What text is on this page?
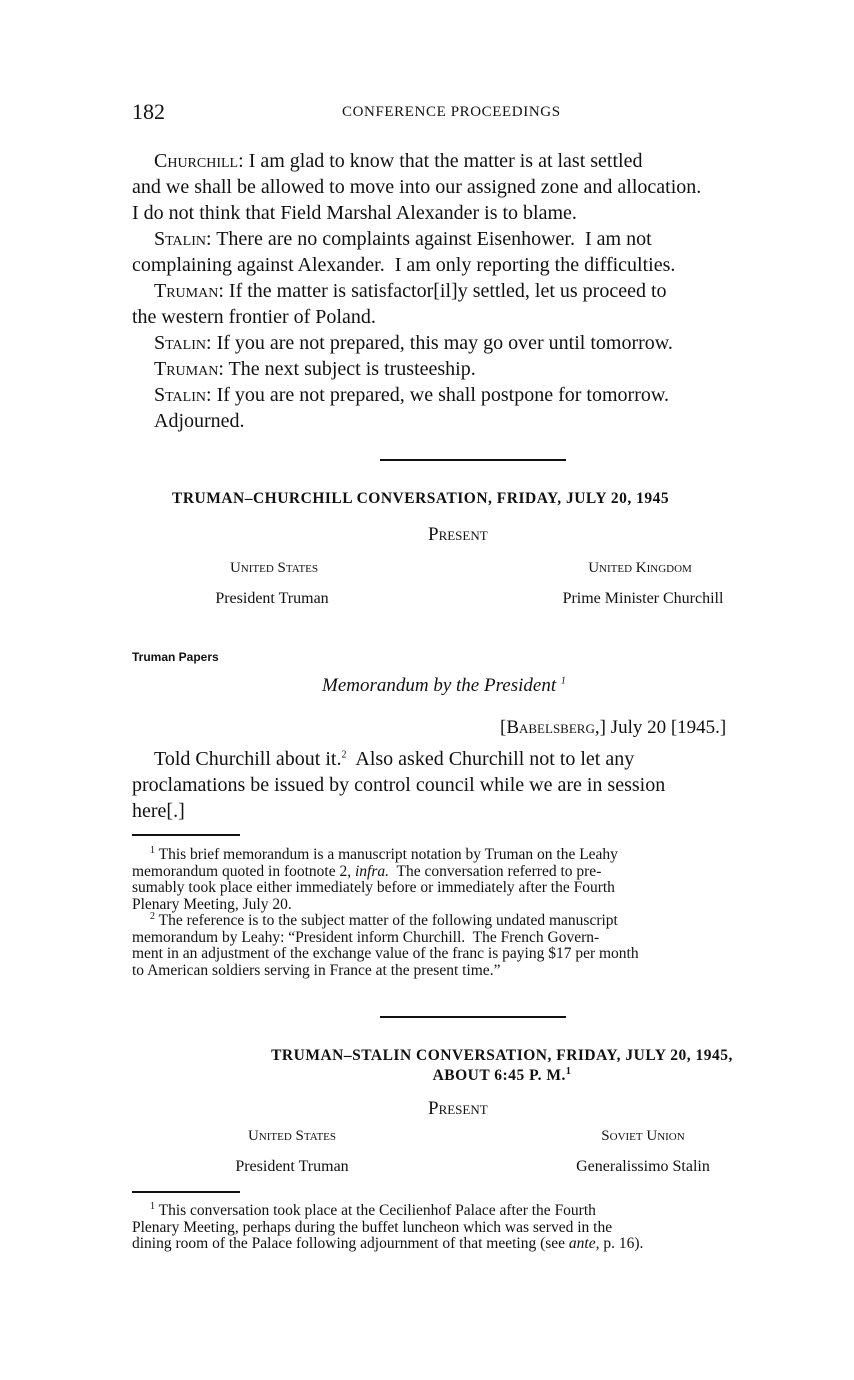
182	CONFERENCE PROCEEDINGS
Churchill: I am glad to know that the matter is at last settled
and we shall be allowed to move into our assigned zone and allocation.
I do not think that Field Marshal Alexander is to blame.
Stalin: There are no complaints against Eisenhower.  I am not
complaining against Alexander.  I am only reporting the difficulties.
Truman: If the matter is satisfactor[il]y settled, let us proceed to
the western frontier of Poland.
Stalin: If you are not prepared, this may go over until tomorrow.
Truman: The next subject is trusteeship.
Stalin: If you are not prepared, we shall postpone for tomorrow.
Adjourned.
TRUMAN–CHURCHILL CONVERSATION, FRIDAY, JULY 20, 1945
Present
United States
President Truman
United Kingdom
Prime Minister Churchill
Truman Papers
Memorandum by the President $^1$
[Babelsberg,] July 20 [1945.]
Told Churchill about it.$^2$ Also asked Churchill not to let any
proclamations be issued by control council while we are in session
here[.]
$^1$ This brief memorandum is a manuscript notation by Truman on the Leahy
memorandum quoted in footnote 2, infra. The conversation referred to pre-
sumably took place either immediately before or immediately after the Fourth
Plenary Meeting, July 20.
$^2$ The reference is to the subject matter of the following undated manuscript
memorandum by Leahy: “President inform Churchill.  The French Govern-
ment in an adjustment of the exchange value of the franc is paying $17 per month
to American soldiers serving in France at the present time.”
TRUMAN–STALIN CONVERSATION, FRIDAY, JULY 20, 1945,
ABOUT 6:45 P. M.$^1$
Present
United States
President Truman
Soviet Union
Generalissimo Stalin
$^1$ This conversation took place at the Cecilienhof Palace after the Fourth
Plenary Meeting, perhaps during the buffet luncheon which was served in the
dining room of the Palace following adjournment of that meeting (see ante, p. 16).
